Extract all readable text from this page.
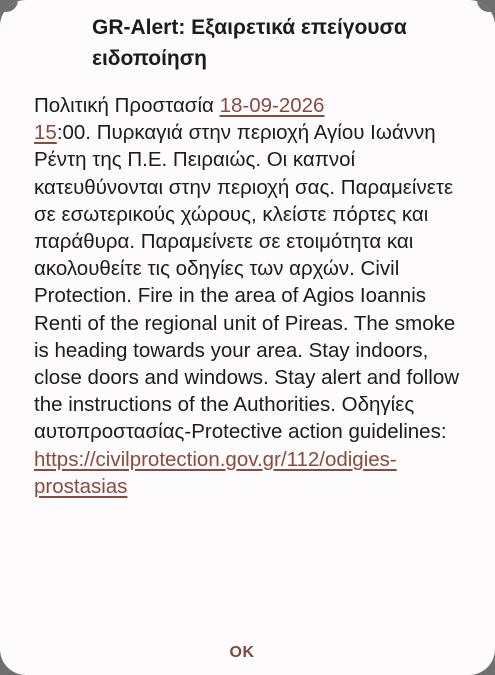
GR-Alert: Εξαιρετικά επείγουσα ειδοποίηση

Πολιτική Προστασία 18-09-2026
15:00. Πυρκαγιά στην περιοχή Αγίου Ιωάννη Ρέντη της Π.Ε. Πειραιώς. Οι καπνοί κατευθύνονται στην περιοχή σας. Παραμείνετε σε εσωτερικούς χώρους, κλείστε πόρτες και παράθυρα. Παραμείνετε σε ετοιμότητα και ακολουθείτε τις οδηγίες των αρχών. Civil Protection. Fire in the area of Agios Ioannis Renti of the regional unit of Pireas. The smoke is heading towards your area. Stay indoors, close doors and windows. Stay alert and follow the instructions of the Authorities. Οδηγίες αυτοπροστασίας-Protective action guidelines: https://civilprotection.gov.gr/112/odigies-prostasias

OK
